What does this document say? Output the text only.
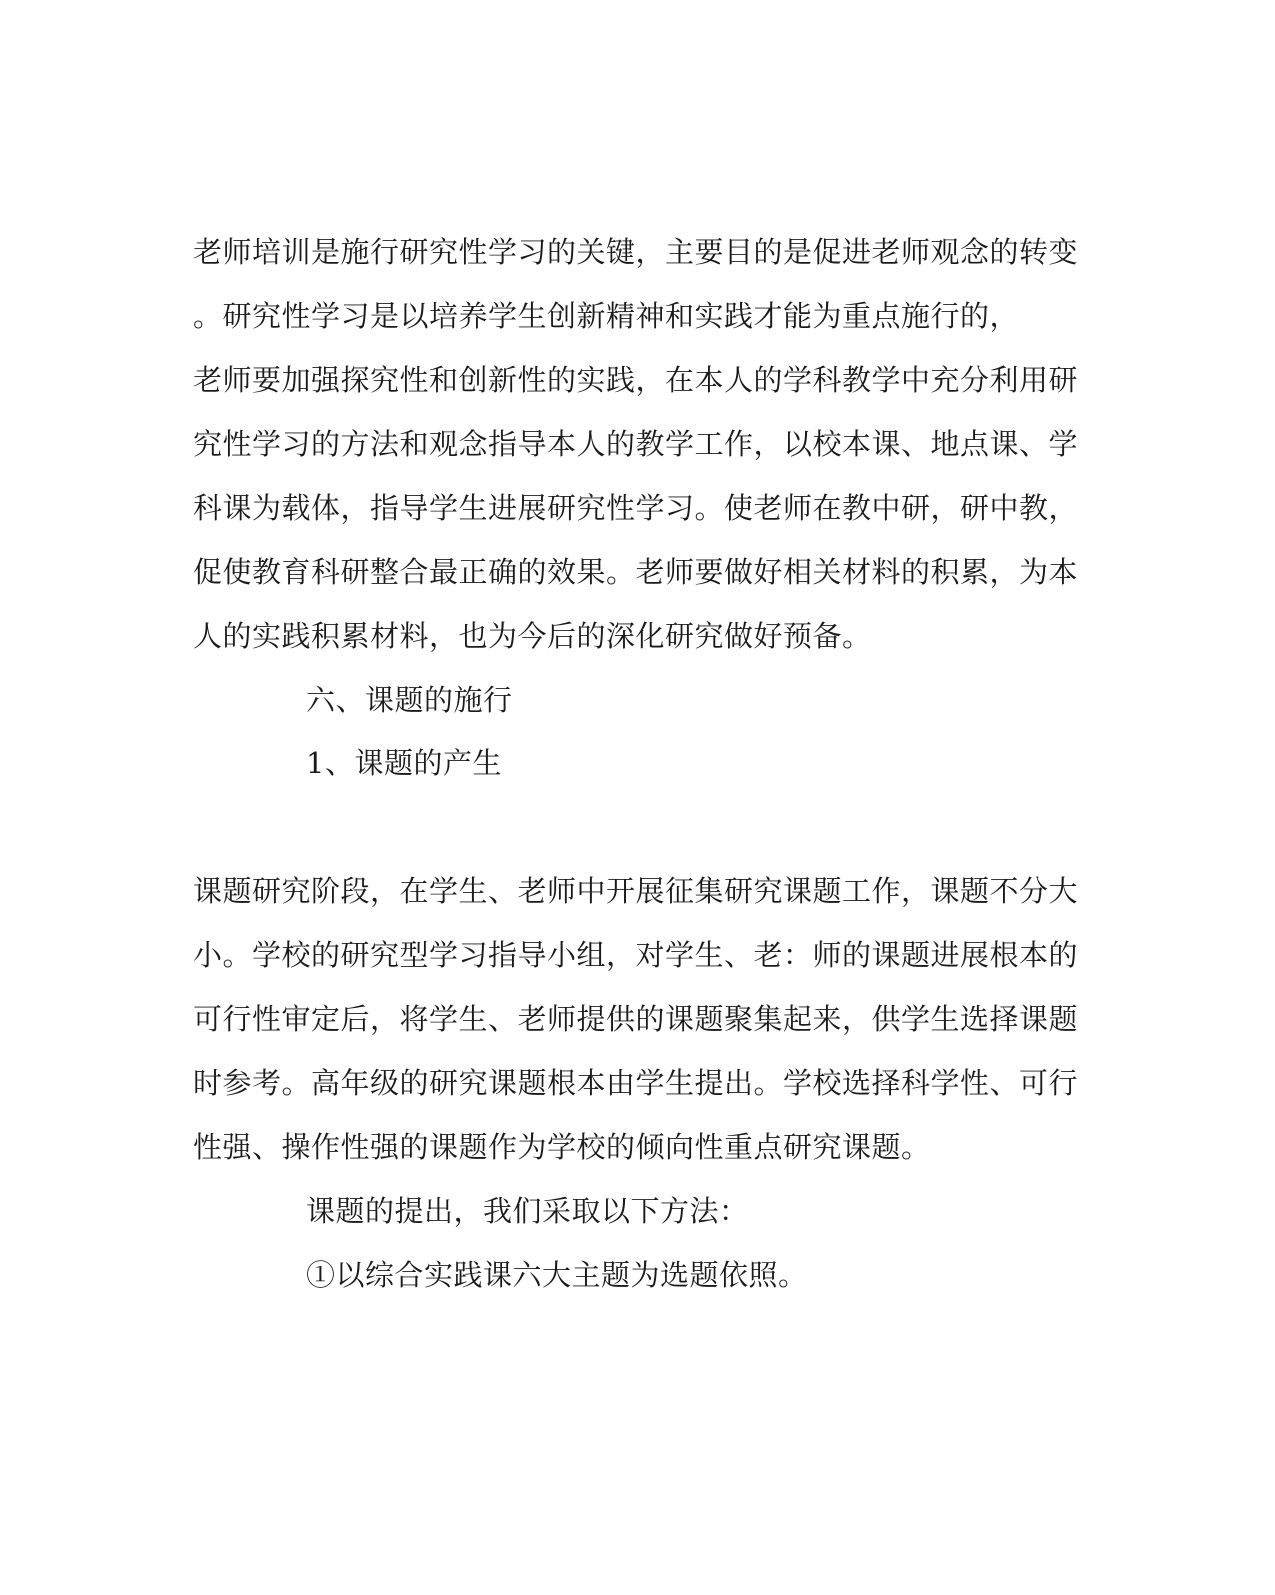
老师培训是施行研究性学习的关键，主要目的是促进老师观念的转变
。研究性学习是以培养学生创新精神和实践才能为重点施行的，
老师要加强探究性和创新性的实践，在本人的学科教学中充分利用研
究性学习的方法和观念指导本人的教学工作，以校本课、地点课、学
科课为载体，指导学生进展研究性学习。使老师在教中研，研中教，
促使教育科研整合最正确的效果。老师要做好相关材料的积累，为本
人的实践积累材料，也为今后的深化研究做好预备。
六、课题的施行
1、课题的产生
课题研究阶段，在学生、老师中开展征集研究课题工作，课题不分大
小。学校的研究型学习指导小组，对学生、老：师的课题进展根本的
可行性审定后，将学生、老师提供的课题聚集起来，供学生选择课题
时参考。高年级的研究课题根本由学生提出。学校选择科学性、可行
性强、操作性强的课题作为学校的倾向性重点研究课题。
课题的提出，我们采取以下方法：
①以综合实践课六大主题为选题依照。
